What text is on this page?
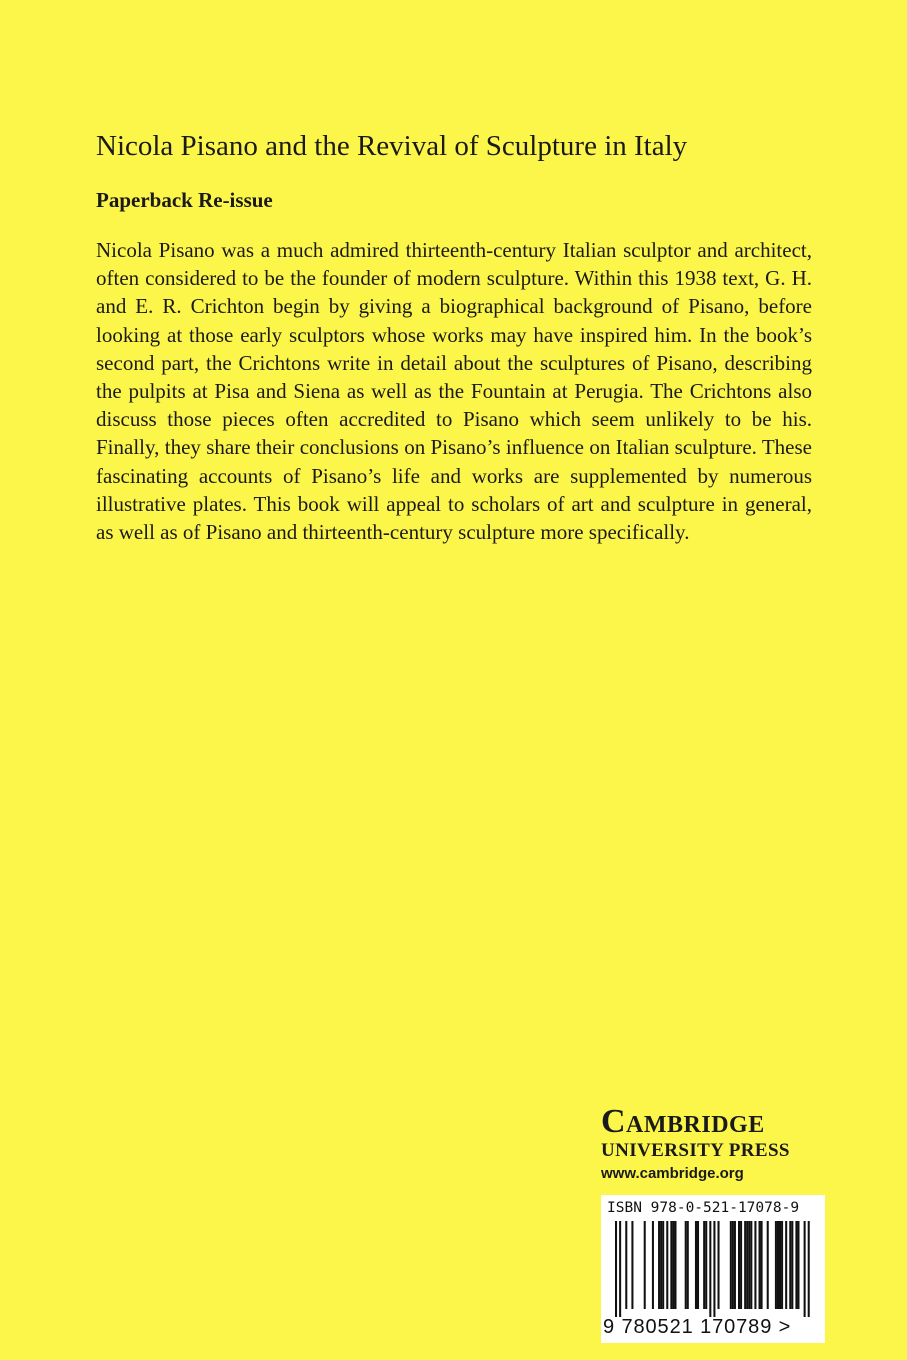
Nicola Pisano and the Revival of Sculpture in Italy
Paperback Re-issue

Nicola Pisano was a much admired thirteenth-century Italian sculptor and architect, often considered to be the founder of modern sculpture. Within this 1938 text, G. H. and E. R. Crichton begin by giving a biographical background of Pisano, before looking at those early sculptors whose works may have inspired him. In the book’s second part, the Crichtons write in detail about the sculptures of Pisano, describing the pulpits at Pisa and Siena as well as the Fountain at Perugia. The Crichtons also discuss those pieces often accredited to Pisano which seem unlikely to be his. Finally, they share their conclusions on Pisano’s influence on Italian sculpture. These fascinating accounts of Pisano’s life and works are supplemented by numerous illustrative plates. This book will appeal to scholars of art and sculpture in general, as well as of Pisano and thirteenth-century sculpture more specifically.

Cambridge
UNIVERSITY PRESS
www.cambridge.org
ISBN 978-0-521-17078-9
9 780521 170789 >
